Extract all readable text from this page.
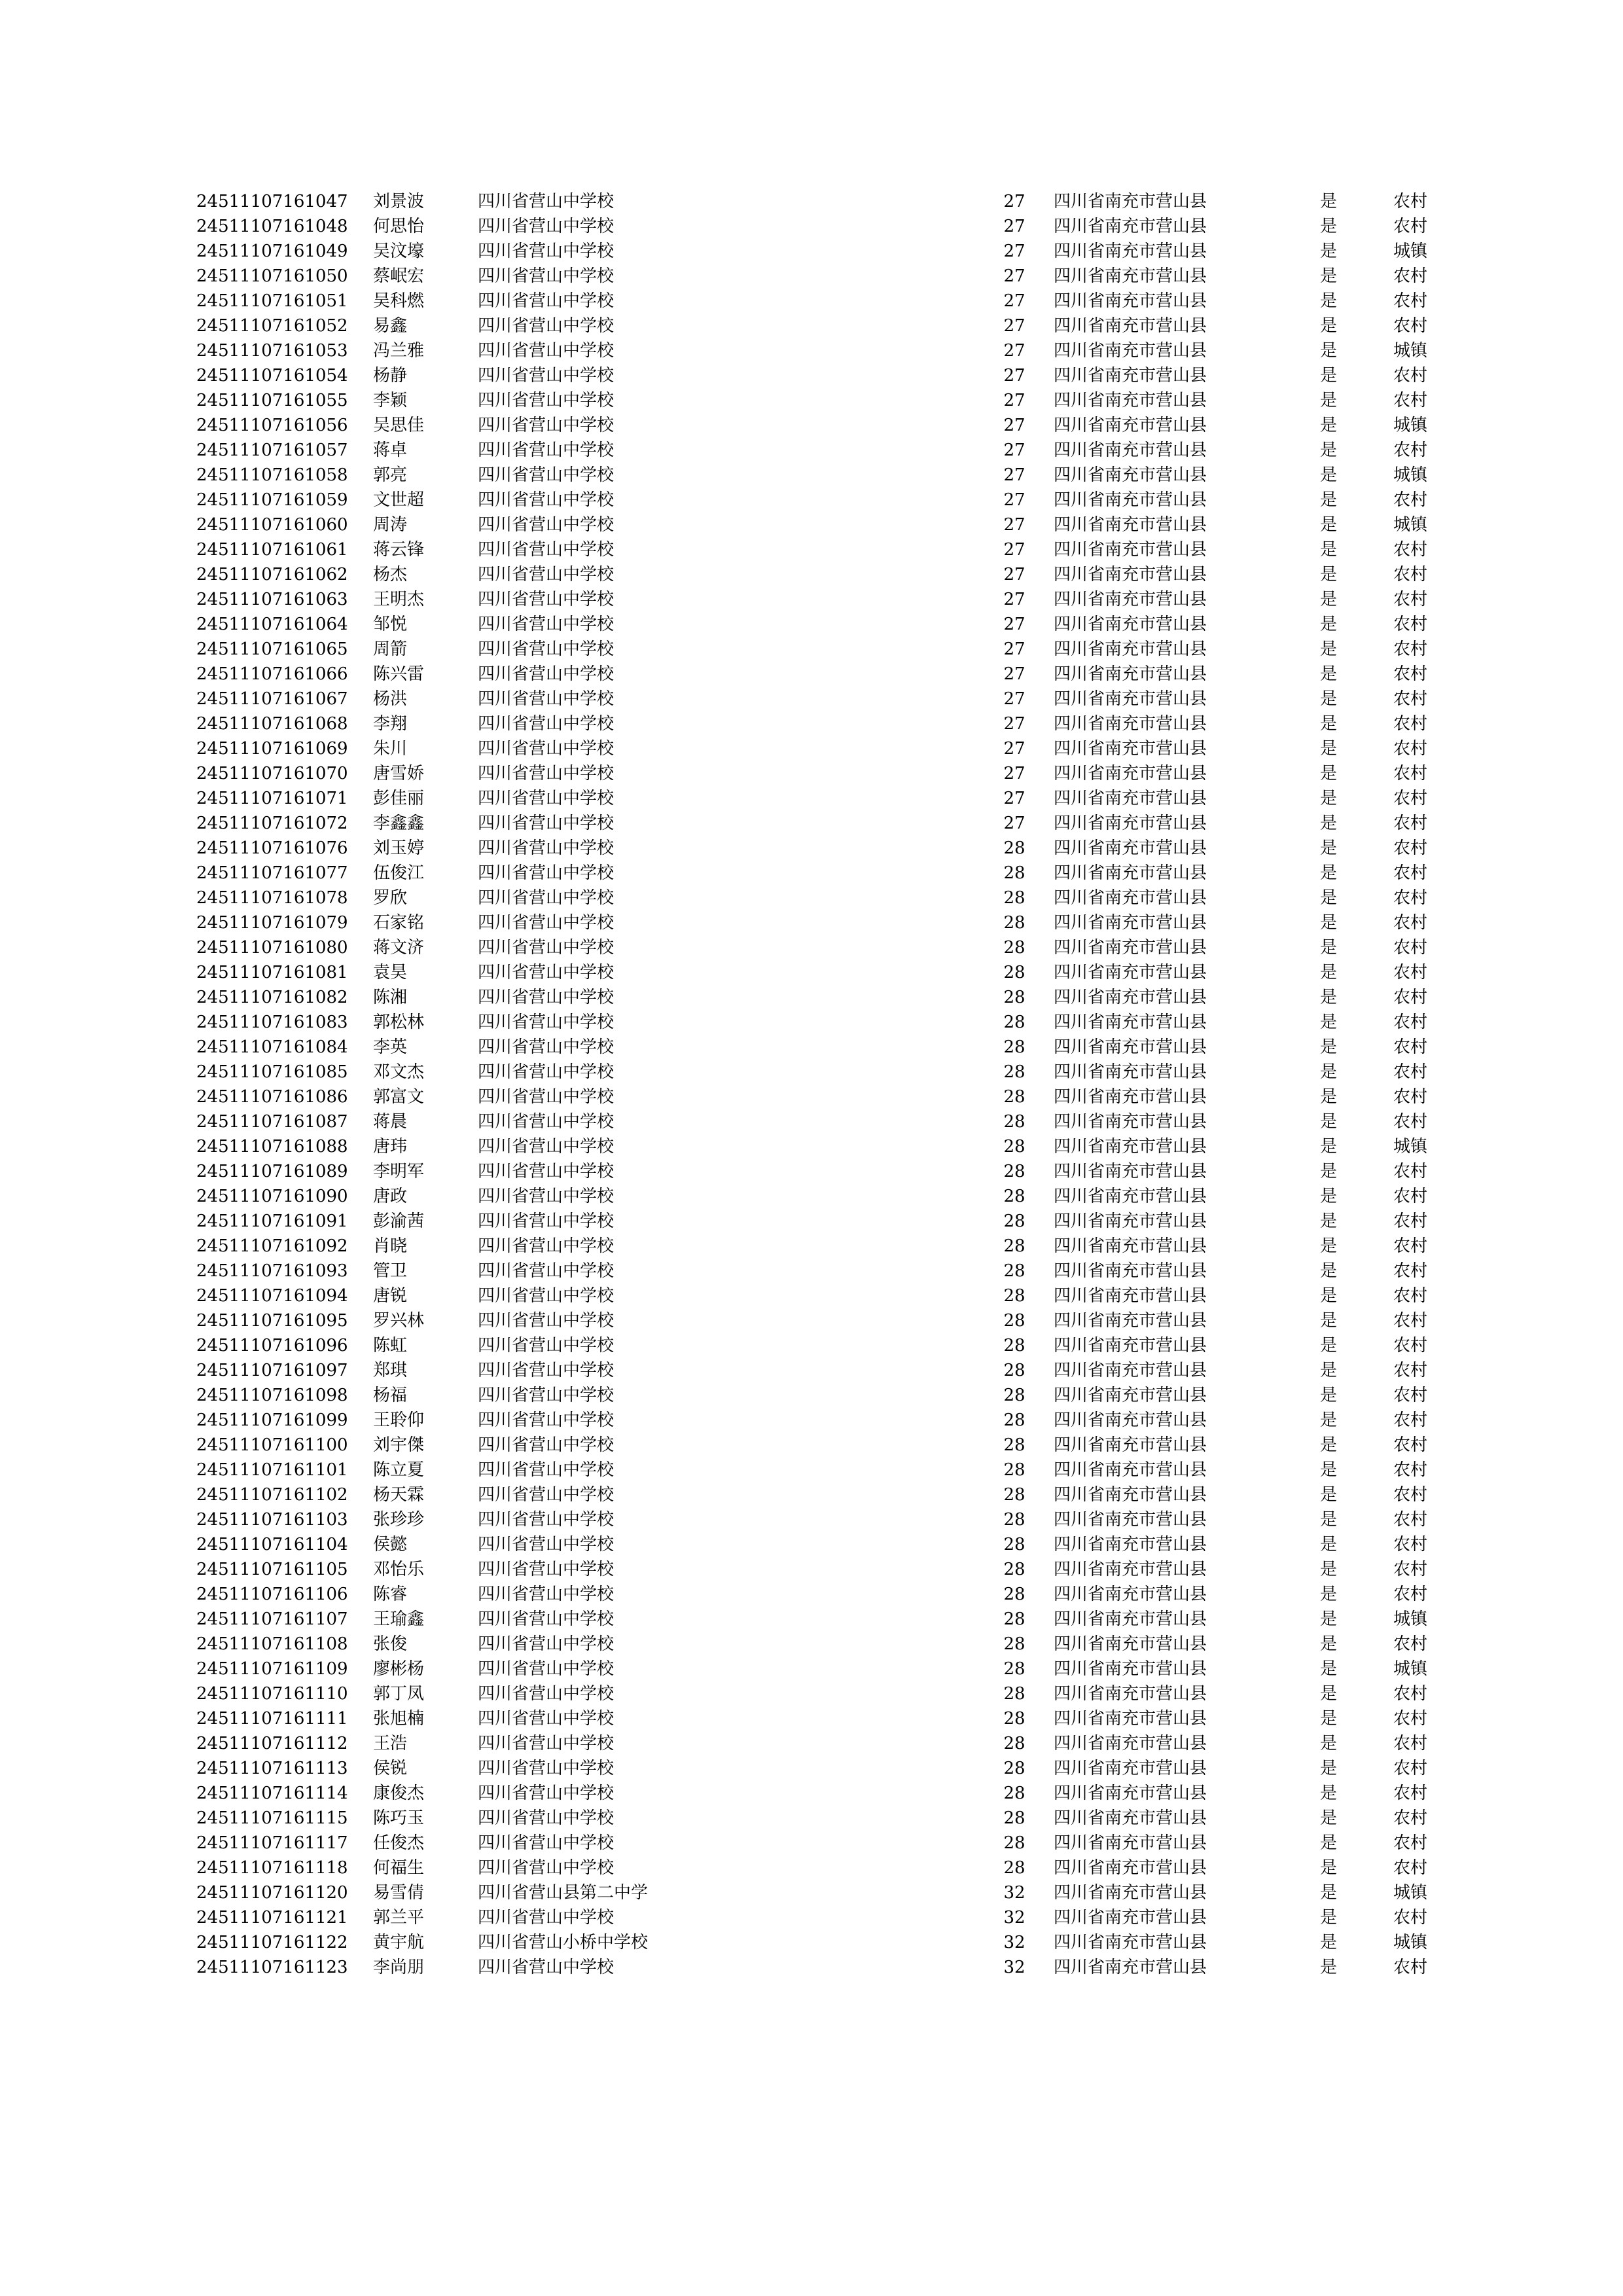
24511107161047	刘景波	四川省营山中学校	27	四川省南充市营山县	是	农村
24511107161048	何思怡	四川省营山中学校	27	四川省南充市营山县	是	农村
24511107161049	吴汶壕	四川省营山中学校	27	四川省南充市营山县	是	城镇
24511107161050	蔡岷宏	四川省营山中学校	27	四川省南充市营山县	是	农村
24511107161051	吴科燃	四川省营山中学校	27	四川省南充市营山县	是	农村
24511107161052	易鑫	四川省营山中学校	27	四川省南充市营山县	是	农村
24511107161053	冯兰雅	四川省营山中学校	27	四川省南充市营山县	是	城镇
24511107161054	杨静	四川省营山中学校	27	四川省南充市营山县	是	农村
24511107161055	李颖	四川省营山中学校	27	四川省南充市营山县	是	农村
24511107161056	吴思佳	四川省营山中学校	27	四川省南充市营山县	是	城镇
24511107161057	蒋卓	四川省营山中学校	27	四川省南充市营山县	是	农村
24511107161058	郭亮	四川省营山中学校	27	四川省南充市营山县	是	城镇
24511107161059	文世超	四川省营山中学校	27	四川省南充市营山县	是	农村
24511107161060	周涛	四川省营山中学校	27	四川省南充市营山县	是	城镇
24511107161061	蒋云锋	四川省营山中学校	27	四川省南充市营山县	是	农村
24511107161062	杨杰	四川省营山中学校	27	四川省南充市营山县	是	农村
24511107161063	王明杰	四川省营山中学校	27	四川省南充市营山县	是	农村
24511107161064	邹悦	四川省营山中学校	27	四川省南充市营山县	是	农村
24511107161065	周箭	四川省营山中学校	27	四川省南充市营山县	是	农村
24511107161066	陈兴雷	四川省营山中学校	27	四川省南充市营山县	是	农村
24511107161067	杨洪	四川省营山中学校	27	四川省南充市营山县	是	农村
24511107161068	李翔	四川省营山中学校	27	四川省南充市营山县	是	农村
24511107161069	朱川	四川省营山中学校	27	四川省南充市营山县	是	农村
24511107161070	唐雪娇	四川省营山中学校	27	四川省南充市营山县	是	农村
24511107161071	彭佳丽	四川省营山中学校	27	四川省南充市营山县	是	农村
24511107161072	李鑫鑫	四川省营山中学校	27	四川省南充市营山县	是	农村
24511107161076	刘玉婷	四川省营山中学校	28	四川省南充市营山县	是	农村
24511107161077	伍俊江	四川省营山中学校	28	四川省南充市营山县	是	农村
24511107161078	罗欣	四川省营山中学校	28	四川省南充市营山县	是	农村
24511107161079	石家铭	四川省营山中学校	28	四川省南充市营山县	是	农村
24511107161080	蒋文济	四川省营山中学校	28	四川省南充市营山县	是	农村
24511107161081	袁昊	四川省营山中学校	28	四川省南充市营山县	是	农村
24511107161082	陈湘	四川省营山中学校	28	四川省南充市营山县	是	农村
24511107161083	郭松林	四川省营山中学校	28	四川省南充市营山县	是	农村
24511107161084	李英	四川省营山中学校	28	四川省南充市营山县	是	农村
24511107161085	邓文杰	四川省营山中学校	28	四川省南充市营山县	是	农村
24511107161086	郭富文	四川省营山中学校	28	四川省南充市营山县	是	农村
24511107161087	蒋晨	四川省营山中学校	28	四川省南充市营山县	是	农村
24511107161088	唐玮	四川省营山中学校	28	四川省南充市营山县	是	城镇
24511107161089	李明军	四川省营山中学校	28	四川省南充市营山县	是	农村
24511107161090	唐政	四川省营山中学校	28	四川省南充市营山县	是	农村
24511107161091	彭渝茜	四川省营山中学校	28	四川省南充市营山县	是	农村
24511107161092	肖晓	四川省营山中学校	28	四川省南充市营山县	是	农村
24511107161093	管卫	四川省营山中学校	28	四川省南充市营山县	是	农村
24511107161094	唐锐	四川省营山中学校	28	四川省南充市营山县	是	农村
24511107161095	罗兴林	四川省营山中学校	28	四川省南充市营山县	是	农村
24511107161096	陈虹	四川省营山中学校	28	四川省南充市营山县	是	农村
24511107161097	郑琪	四川省营山中学校	28	四川省南充市营山县	是	农村
24511107161098	杨福	四川省营山中学校	28	四川省南充市营山县	是	农村
24511107161099	王聆仰	四川省营山中学校	28	四川省南充市营山县	是	农村
24511107161100	刘宇傑	四川省营山中学校	28	四川省南充市营山县	是	农村
24511107161101	陈立夏	四川省营山中学校	28	四川省南充市营山县	是	农村
24511107161102	杨天霖	四川省营山中学校	28	四川省南充市营山县	是	农村
24511107161103	张珍珍	四川省营山中学校	28	四川省南充市营山县	是	农村
24511107161104	侯懿	四川省营山中学校	28	四川省南充市营山县	是	农村
24511107161105	邓怡乐	四川省营山中学校	28	四川省南充市营山县	是	农村
24511107161106	陈睿	四川省营山中学校	28	四川省南充市营山县	是	农村
24511107161107	王瑜鑫	四川省营山中学校	28	四川省南充市营山县	是	城镇
24511107161108	张俊	四川省营山中学校	28	四川省南充市营山县	是	农村
24511107161109	廖彬杨	四川省营山中学校	28	四川省南充市营山县	是	城镇
24511107161110	郭丁凤	四川省营山中学校	28	四川省南充市营山县	是	农村
24511107161111	张旭楠	四川省营山中学校	28	四川省南充市营山县	是	农村
24511107161112	王浩	四川省营山中学校	28	四川省南充市营山县	是	农村
24511107161113	侯锐	四川省营山中学校	28	四川省南充市营山县	是	农村
24511107161114	康俊杰	四川省营山中学校	28	四川省南充市营山县	是	农村
24511107161115	陈巧玉	四川省营山中学校	28	四川省南充市营山县	是	农村
24511107161117	任俊杰	四川省营山中学校	28	四川省南充市营山县	是	农村
24511107161118	何福生	四川省营山中学校	28	四川省南充市营山县	是	农村
24511107161120	易雪倩	四川省营山县第二中学	32	四川省南充市营山县	是	城镇
24511107161121	郭兰平	四川省营山中学校	32	四川省南充市营山县	是	农村
24511107161122	黄宇航	四川省营山小桥中学校	32	四川省南充市营山县	是	城镇
24511107161123	李尚朋	四川省营山中学校	32	四川省南充市营山县	是	农村
